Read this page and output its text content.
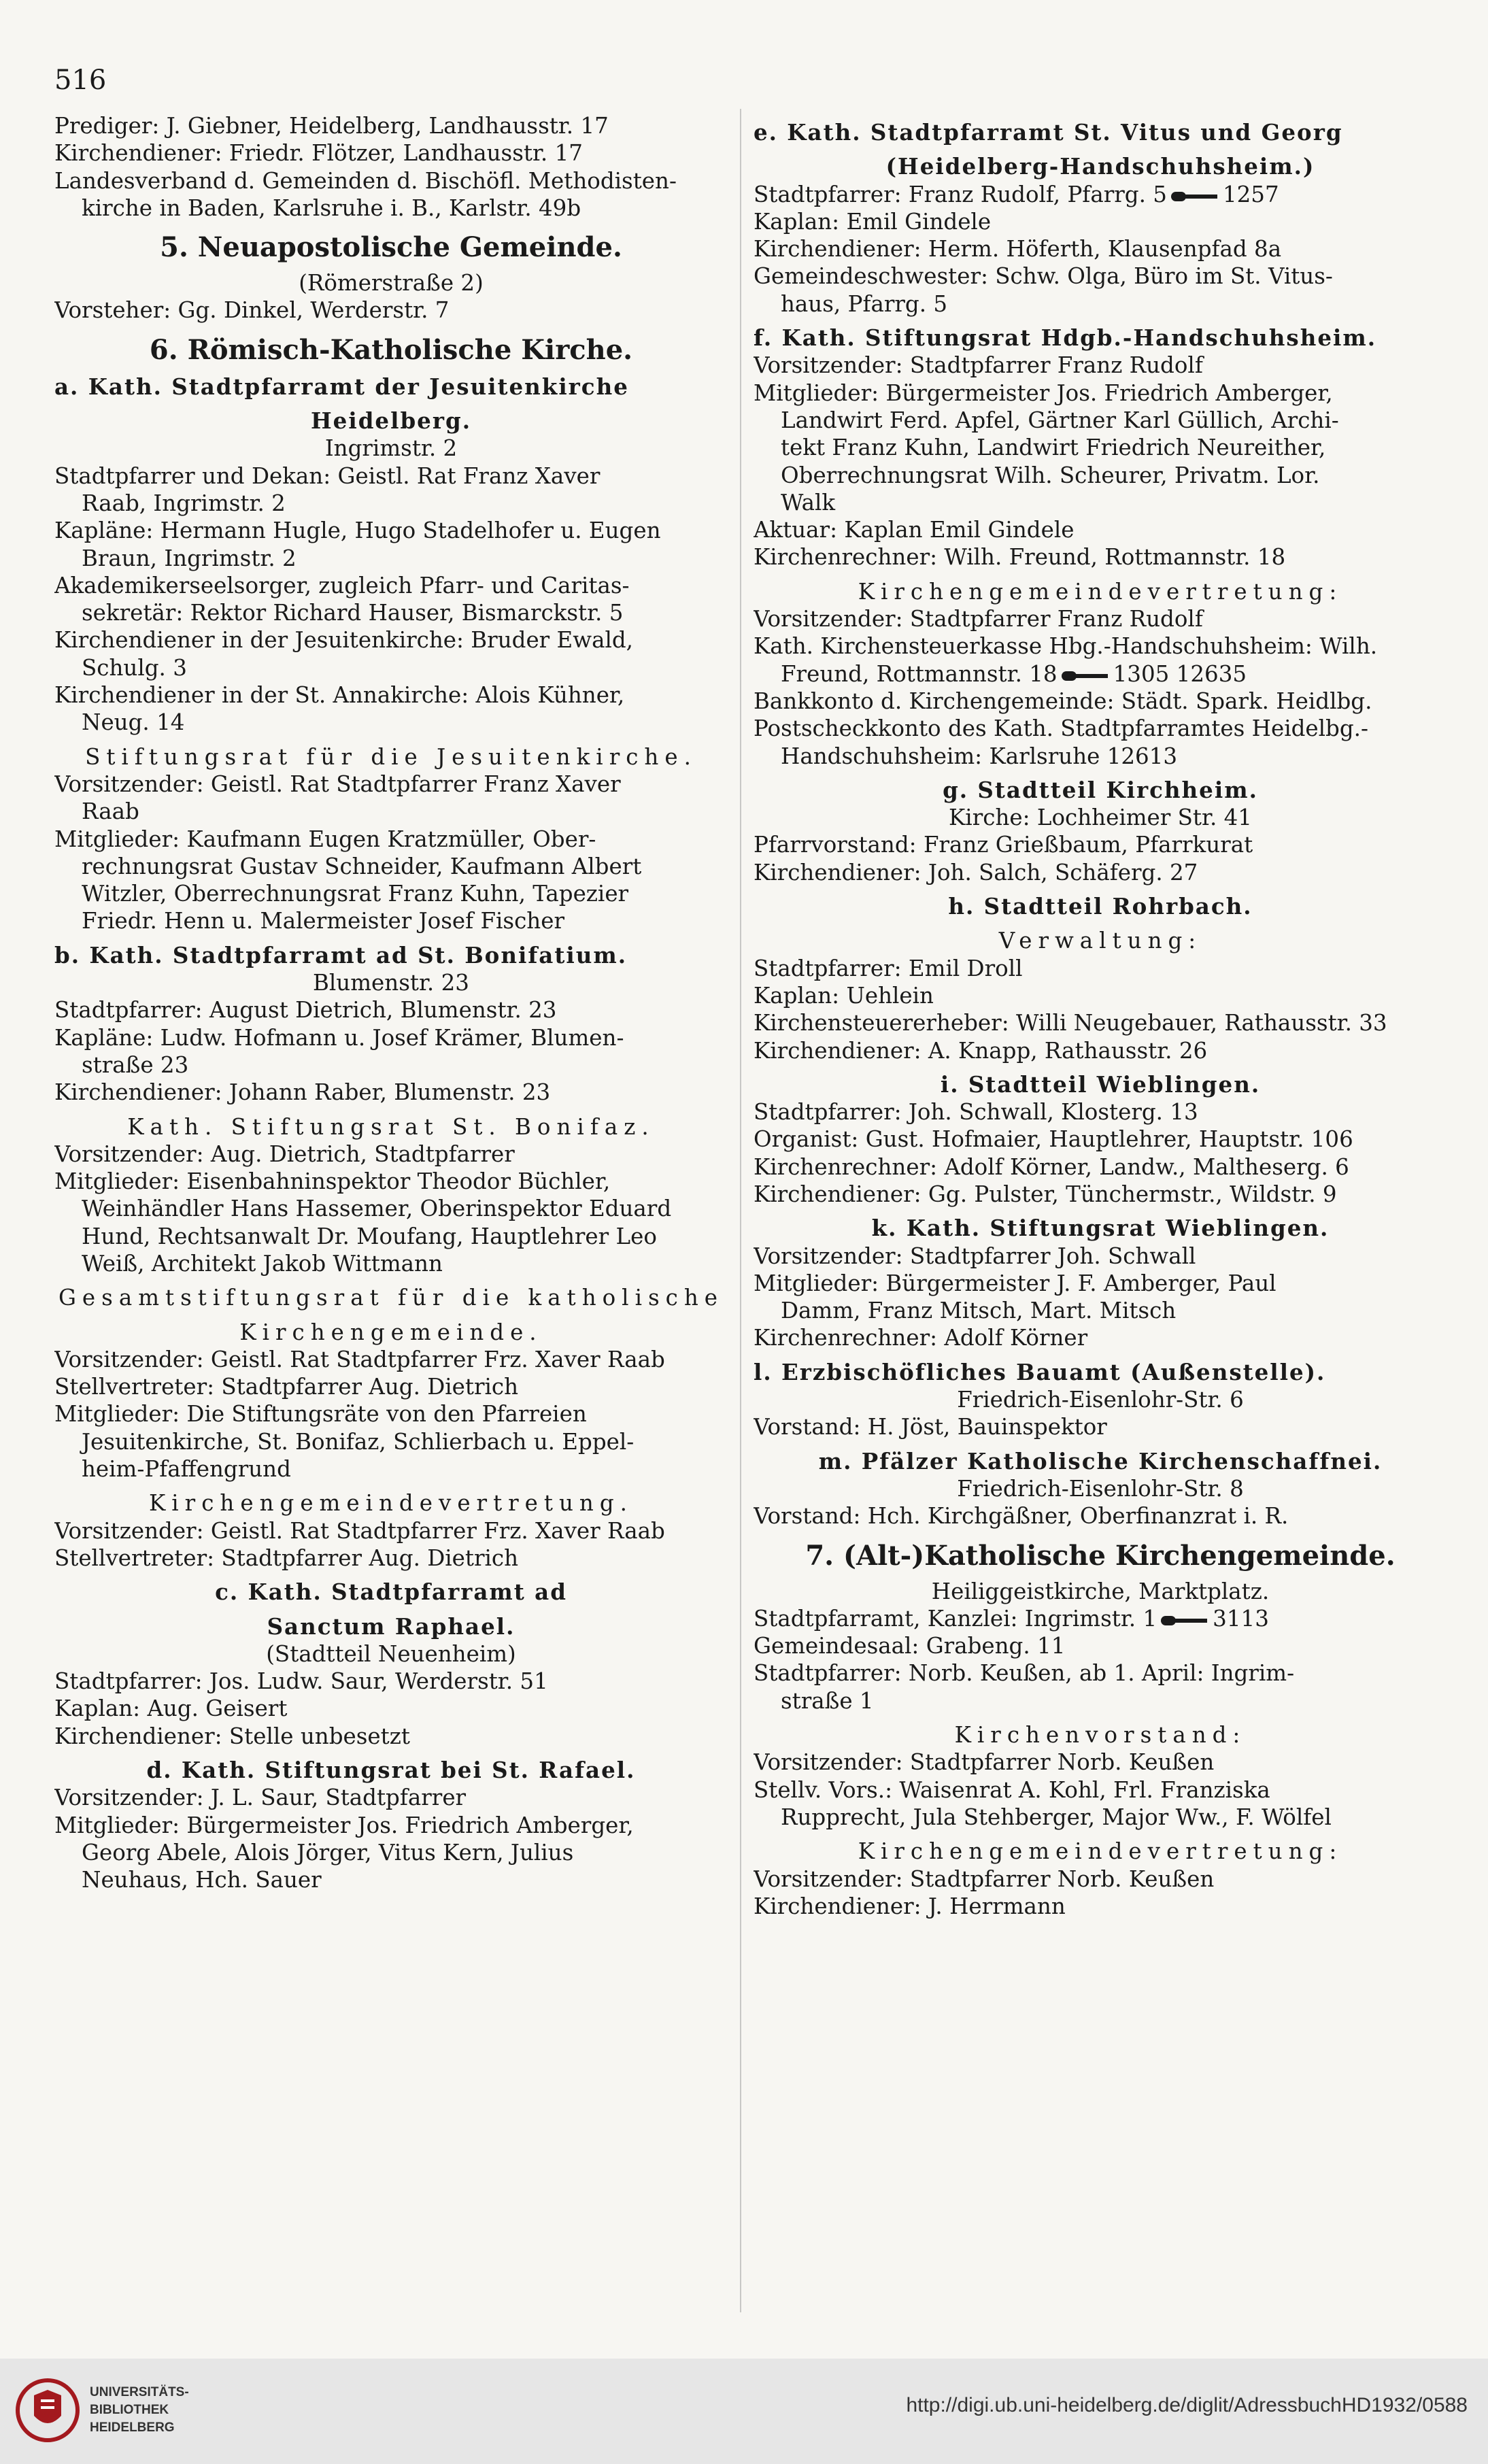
516
Prediger: J. Giebner, Heidelberg, Landhausstr. 17
Kirchendiener: Friedr. Flötzer, Landhausstr. 17
Landesverband d. Gemeinden d. Bischöfl. Methodisten-
kirche in Baden, Karlsruhe i. B., Karlstr. 49b
5. Neuapostolische Gemeinde.
(Römerstraße 2)
Vorsteher: Gg. Dinkel, Werderstr. 7
6. Römisch-Katholische Kirche.
a. Kath. Stadtpfarramt der Jesuitenkirche
Heidelberg.
Ingrimstr. 2
Stadtpfarrer und Dekan: Geistl. Rat Franz Xaver
Raab, Ingrimstr. 2
Kapläne: Hermann Hugle, Hugo Stadelhofer u. Eugen
Braun, Ingrimstr. 2
Akademikerseelsorger, zugleich Pfarr- und Caritas-
sekretär: Rektor Richard Hauser, Bismarckstr. 5
Kirchendiener in der Jesuitenkirche: Bruder Ewald,
Schulg. 3
Kirchendiener in der St. Annakirche: Alois Kühner,
Neug. 14
Stiftungsrat für die Jesuitenkirche.
Vorsitzender: Geistl. Rat Stadtpfarrer Franz Xaver
Raab
Mitglieder: Kaufmann Eugen Kratzmüller, Ober-
rechnungsrat Gustav Schneider, Kaufmann Albert
Witzler, Oberrechnungsrat Franz Kuhn, Tapezier
Friedr. Henn u. Malermeister Josef Fischer
b. Kath. Stadtpfarramt ad St. Bonifatium.
Blumenstr. 23
Stadtpfarrer: August Dietrich, Blumenstr. 23
Kapläne: Ludw. Hofmann u. Josef Krämer, Blumen-
straße 23
Kirchendiener: Johann Raber, Blumenstr. 23
Kath. Stiftungsrat St. Bonifaz.
Vorsitzender: Aug. Dietrich, Stadtpfarrer
Mitglieder: Eisenbahninspektor Theodor Büchler,
Weinhändler Hans Hassemer, Oberinspektor Eduard
Hund, Rechtsanwalt Dr. Moufang, Hauptlehrer Leo
Weiß, Architekt Jakob Wittmann
Gesamtstiftungsrat für die katholische
Kirchengemeinde.
Vorsitzender: Geistl. Rat Stadtpfarrer Frz. Xaver Raab
Stellvertreter: Stadtpfarrer Aug. Dietrich
Mitglieder: Die Stiftungsräte von den Pfarreien
Jesuitenkirche, St. Bonifaz, Schlierbach u. Eppel-
heim-Pfaffengrund
Kirchengemeindevertretung.
Vorsitzender: Geistl. Rat Stadtpfarrer Frz. Xaver Raab
Stellvertreter: Stadtpfarrer Aug. Dietrich
c. Kath. Stadtpfarramt ad
Sanctum Raphael.
(Stadtteil Neuenheim)
Stadtpfarrer: Jos. Ludw. Saur, Werderstr. 51
Kaplan: Aug. Geisert
Kirchendiener: Stelle unbesetzt
d. Kath. Stiftungsrat bei St. Rafael.
Vorsitzender: J. L. Saur, Stadtpfarrer
Mitglieder: Bürgermeister Jos. Friedrich Amberger,
Georg Abele, Alois Jörger, Vitus Kern, Julius
Neuhaus, Hch. Sauer
e. Kath. Stadtpfarramt St. Vitus und Georg
(Heidelberg-Handschuhsheim.)
Stadtpfarrer: Franz Rudolf, Pfarrg. 5	1257
Kaplan: Emil Gindele
Kirchendiener: Herm. Höferth, Klausenpfad 8a
Gemeindeschwester: Schw. Olga, Büro im St. Vitus-
haus, Pfarrg. 5
f. Kath. Stiftungsrat Hdgb.-Handschuhsheim.
Vorsitzender: Stadtpfarrer Franz Rudolf
Mitglieder: Bürgermeister Jos. Friedrich Amberger,
Landwirt Ferd. Apfel, Gärtner Karl Güllich, Archi-
tekt Franz Kuhn, Landwirt Friedrich Neureither,
Oberrechnungsrat Wilh. Scheurer, Privatm. Lor.
Walk
Aktuar: Kaplan Emil Gindele
Kirchenrechner: Wilh. Freund, Rottmannstr. 18
Kirchengemeindevertretung:
Vorsitzender: Stadtpfarrer Franz Rudolf
Kath. Kirchensteuerkasse Hbg.-Handschuhsheim: Wilh.
Freund, Rottmannstr. 18	1305 12635
Bankkonto d. Kirchengemeinde: Städt. Spark. Heidlbg.
Postscheckkonto des Kath. Stadtpfarramtes Heidelbg.-
Handschuhsheim: Karlsruhe 12613
g. Stadtteil Kirchheim.
Kirche: Lochheimer Str. 41
Pfarrvorstand: Franz Grießbaum, Pfarrkurat
Kirchendiener: Joh. Salch, Schäferg. 27
h. Stadtteil Rohrbach.
Verwaltung:
Stadtpfarrer: Emil Droll
Kaplan: Uehlein
Kirchensteuererheber: Willi Neugebauer, Rathausstr. 33
Kirchendiener: A. Knapp, Rathausstr. 26
i. Stadtteil Wieblingen.
Stadtpfarrer: Joh. Schwall, Klosterg. 13
Organist: Gust. Hofmaier, Hauptlehrer, Hauptstr. 106
Kirchenrechner: Adolf Körner, Landw., Maltheserg. 6
Kirchendiener: Gg. Pulster, Tünchermstr., Wildstr. 9
k. Kath. Stiftungsrat Wieblingen.
Vorsitzender: Stadtpfarrer Joh. Schwall
Mitglieder: Bürgermeister J. F. Amberger, Paul
Damm, Franz Mitsch, Mart. Mitsch
Kirchenrechner: Adolf Körner
l. Erzbischöfliches Bauamt (Außenstelle).
Friedrich-Eisenlohr-Str. 6
Vorstand: H. Jöst, Bauinspektor
m. Pfälzer Katholische Kirchenschaffnei.
Friedrich-Eisenlohr-Str. 8
Vorstand: Hch. Kirchgäßner, Oberfinanzrat i. R.
7. (Alt-)Katholische Kirchengemeinde.
Heiliggeistkirche, Marktplatz.
Stadtpfarramt, Kanzlei: Ingrimstr. 1	3113
Gemeindesaal: Grabeng. 11
Stadtpfarrer: Norb. Keußen, ab 1. April: Ingrim-
straße 1
Kirchenvorstand:
Vorsitzender: Stadtpfarrer Norb. Keußen
Stellv. Vors.: Waisenrat A. Kohl, Frl. Franziska
Rupprecht, Jula Stehberger, Major Ww., F. Wölfel
Kirchengemeindevertretung:
Vorsitzender: Stadtpfarrer Norb. Keußen
Kirchendiener: J. Herrmann
UNIVERSITÄTS-
BIBLIOTHEK
HEIDELBERG
http://digi.ub.uni-heidelberg.de/diglit/AdressbuchHD1932/0588
